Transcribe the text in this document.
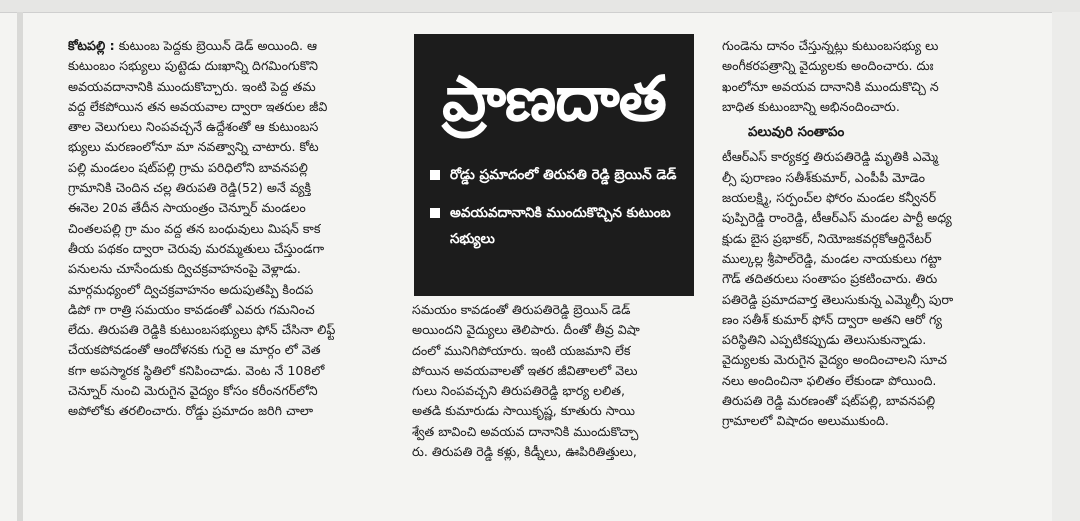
కోటపల్లి : కుటుంబ పెద్దకు బ్రెయిన్ డెడ్ అయింది. ఆ
కుటుంబం సభ్యులు పుట్టెడు దుఃఖాన్ని దిగమింగుకొని
అవయవదానానికి ముందుకొచ్చారు. ఇంటి పెద్ద తమ
వద్ద లేకపోయిన తన అవయవాల ద్వారా ఇతరుల జీవి
తాల వెలుగులు నింపవచ్చనే ఉద్దేశంతో ఆ కుటుంబస
భ్యులు మరణంలోనూ మా నవత్వాన్ని చాటారు. కోట
పల్లి మండలం షట్‌పల్లి గ్రామ పరిధిలోని బావనపల్లి
గ్రామానికి చెందిన చల్ల తిరుపతి రెడ్డి(52) అనే వ్యక్తి
ఈనెల 20వ తేదీన సాయంత్రం చెన్నూర్ మండలం
చింతలపల్లి గ్రా మం వద్ద తన బంధువులు మిషన్ కాక
తీయ పథకం ద్వారా చెరువు మరమ్మతులు చేస్తుండగా
పనులను చూసేందుకు ద్విచక్రవాహనంపై వెళ్లాడు.
మార్గమధ్యంలో ద్విచక్రవాహనం అదుపుతప్పి కిందప
డిపో గా రాత్రి సమయం కావడంతో ఎవరు గమనించ
లేదు. తిరుపతి రెడ్డికి కుటుంబసభ్యులు ఫోన్ చేసినా లిఫ్ట్
చేయకపోవడంతో ఆందోళనకు గురై ఆ మార్గం లో వెత
కగా అపస్మారక స్థితిలో కనిపించాడు. వెంట నే 108లో
చెన్నూర్ నుంచి మెరుగైన వైద్యం కోసం కరీంనగర్‌లోని
అపోలోకు తరలించారు. రోడ్డు ప్రమాదం జరిగి చాలా
ప్రాణదాత
రోడ్డు ప్రమాదంలో తిరుపతి రెడ్డి బ్రెయిన్ డెడ్
అవయవదానానికి ముందుకొచ్చిన కుటుంబ సభ్యులు
సమయం కావడంతో తిరుపతిరెడ్డి బ్రెయిన్ డెడ్
అయిందని వైద్యులు తెలిపారు. దీంతో తీవ్ర విషా
దంలో మునిగిపోయారు. ఇంటి యజమాని లేక
పోయిన అవయవాలతో ఇతర జీవితాలలో వెలు
గులు నింపవచ్చని తిరుపతిరెడ్డి భార్య లలిత,
అతడి కుమారుడు సాయికృష్ణ, కూతురు సాయి
శ్వేత బావించి అవయవ దానానికి ముందుకొచ్చా
రు. తిరుపతి రెడ్డి కళ్లు, కిడ్నీలు, ఊపిరితిత్తులు,
గుండెను దానం చేస్తున్నట్లు కుటుంబసభ్యు లు
అంగీకరపత్రాన్ని వైద్యులకు అందించారు. దుః
ఖంలోనూ అవయవ దానానికి ముందుకొచ్చి న
బాధిత కుటుంబాన్ని అభినందించారు.
పలువురి సంతాపం
టీఆర్ఎస్ కార్యకర్త తిరుపతిరెడ్డి మృతికి ఎమ్మె
ల్సీ పురాణం సతీశ్‌కుమార్, ఎంపీపీ మోడెం
జయలక్ష్మి, సర్పంచ్‌ల ఫోరం మండల కన్వీనర్
పుప్పిరెడ్డి రాంరెడ్డి, టీఆర్ఎస్ మండల పార్టీ అధ్య
క్షుడు బైస ప్రభాకర్, నియోజకవర్గకోఆర్డినేటర్
ముల్కల్ల శ్రీపాల్‌రెడ్డి, మండల నాయకులు గట్టా
గౌడ్ తదితరులు సంతాపం ప్రకటించారు. తిరు
పతిరెడ్డి ప్రమాదవార్త తెలుసుకున్న ఎమ్మెల్సీ పురా
ణం సతీశ్ కుమార్ ఫోన్ ద్వారా అతని ఆరో గ్య
పరిస్థితిని ఎప్పటికప్పుడు తెలుసుకున్నాడు.
వైద్యులకు మెరుగైన వైద్యం అందించాలని సూచ
నలు అందించినా ఫలితం లేకుండా పోయింది.
తిరుపతి రెడ్డి మరణంతో షట్‌పల్లి, బావనపల్లి
గ్రామాలలో విషాదం అలుముకుంది.
